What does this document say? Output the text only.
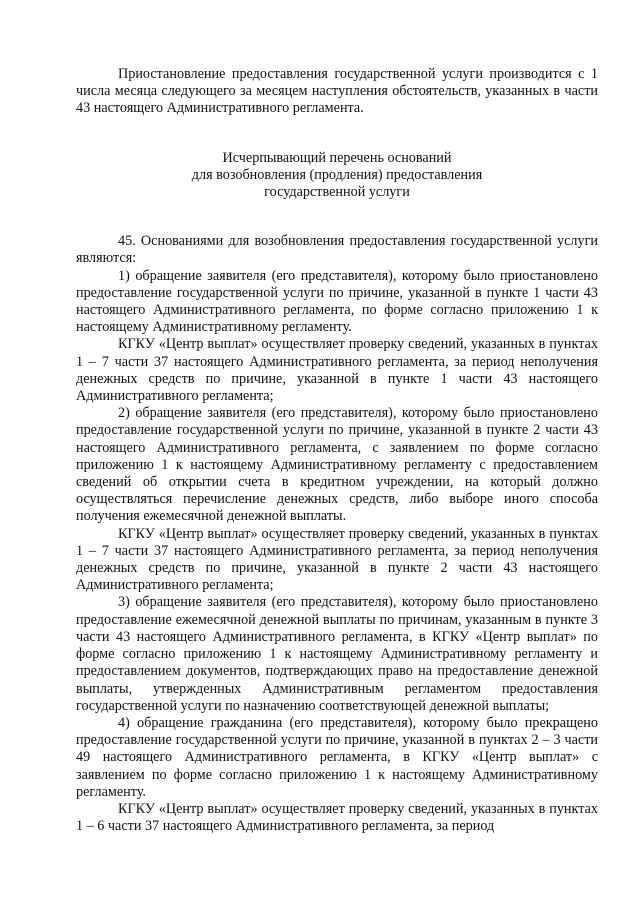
Приостановление предоставления государственной услуги производится с 1 числа месяца следующего за месяцем наступления обстоятельств, указанных в части 43 настоящего Административного регламента.

Исчерпывающий перечень оснований
для возобновления (продления) предоставления
государственной услуги

45. Основаниями для возобновления предоставления государственной услуги являются:

1) обращение заявителя (его представителя), которому было приостановлено предоставление государственной услуги по причине, указанной в пункте 1 части 43 настоящего Административного регламента, по форме согласно приложению 1 к настоящему Административному регламенту.

КГКУ «Центр выплат» осуществляет проверку сведений, указанных в пунктах 1 – 7 части 37 настоящего Административного регламента, за период неполучения денежных средств по причине, указанной в пункте 1 части 43 настоящего Административного регламента;

2) обращение заявителя (его представителя), которому было приостановлено предоставление государственной услуги по причине, указанной в пункте 2 части 43 настоящего Административного регламента, с заявлением по форме согласно приложению 1 к настоящему Административному регламенту с предоставлением сведений об открытии счета в кредитном учреждении, на который должно осуществляться перечисление денежных средств, либо выборе иного способа получения ежемесячной денежной выплаты.

КГКУ «Центр выплат» осуществляет проверку сведений, указанных в пунктах 1 – 7 части 37 настоящего Административного регламента, за период неполучения денежных средств по причине, указанной в пункте 2 части 43 настоящего Административного регламента;

3) обращение заявителя (его представителя), которому было приостановлено предоставление ежемесячной денежной выплаты по причинам, указанным в пункте 3 части 43 настоящего Административного регламента, в КГКУ «Центр выплат» по форме согласно приложению 1 к настоящему Административному регламенту и предоставлением документов, подтверждающих право на предоставление денежной выплаты, утвержденных Административным регламентом предоставления государственной услуги по назначению соответствующей денежной выплаты;

4) обращение гражданина (его представителя), которому было прекращено предоставление государственной услуги по причине, указанной в пунктах 2 – 3 части 49 настоящего Административного регламента, в КГКУ «Центр выплат» с заявлением по форме согласно приложению 1 к настоящему Административному регламенту.

КГКУ «Центр выплат» осуществляет проверку сведений, указанных в пунктах 1 – 6 части 37 настоящего Административного регламента, за период
